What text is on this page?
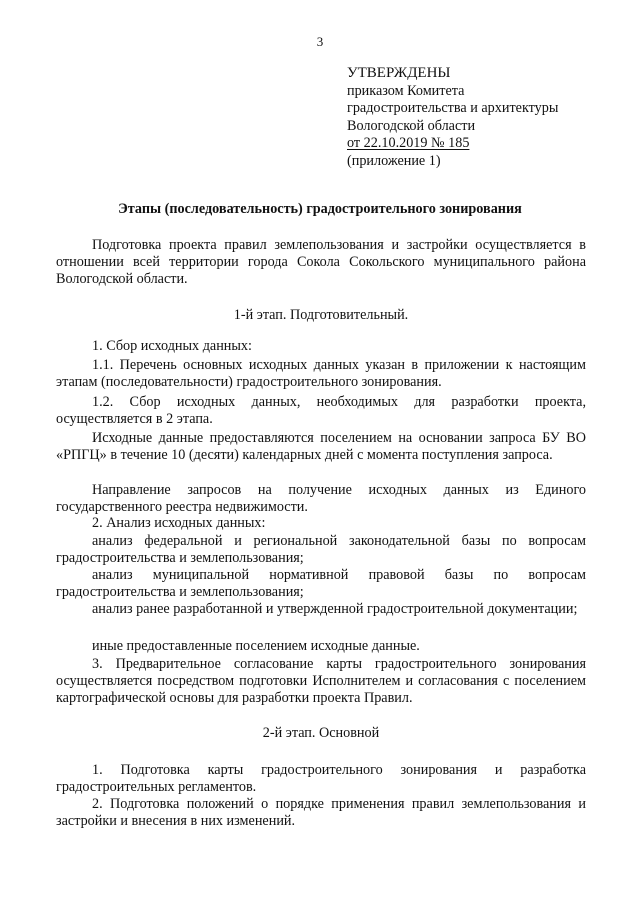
3
УТВЕРЖДЕНЫ
приказом Комитета
градостроительства и архитектуры
Вологодской области
от 22.10.2019 № 185
(приложение 1)
Этапы (последовательность) градостроительного зонирования
Подготовка проекта правил землепользования и застройки осуществляется в отношении всей территории города Сокола Сокольского муниципального района Вологодской области.
1-й этап. Подготовительный.
1. Сбор исходных данных:
1.1. Перечень основных исходных данных указан в приложении к настоящим этапам (последовательности) градостроительного зонирования.
1.2. Сбор исходных данных, необходимых для разработки проекта, осуществляется в 2 этапа.
Исходные данные предоставляются поселением на основании запроса БУ ВО «РПГЦ» в течение 10 (десяти) календарных дней с момента поступления запроса.
Направление запросов на получение исходных данных из Единого государственного реестра недвижимости.
2. Анализ исходных данных:
анализ федеральной и региональной законодательной базы по вопросам градостроительства и землепользования;
анализ муниципальной нормативной правовой базы по вопросам градостроительства и землепользования;
анализ ранее разработанной и утвержденной градостроительной документации;
иные предоставленные поселением исходные данные.
3. Предварительное согласование карты градостроительного зонирования осуществляется посредством подготовки Исполнителем и согласования с поселением картографической основы для разработки проекта Правил.
2-й этап. Основной
1. Подготовка карты градостроительного зонирования и разработка градостроительных регламентов.
2. Подготовка положений о порядке применения правил землепользования и застройки и внесения в них изменений.
